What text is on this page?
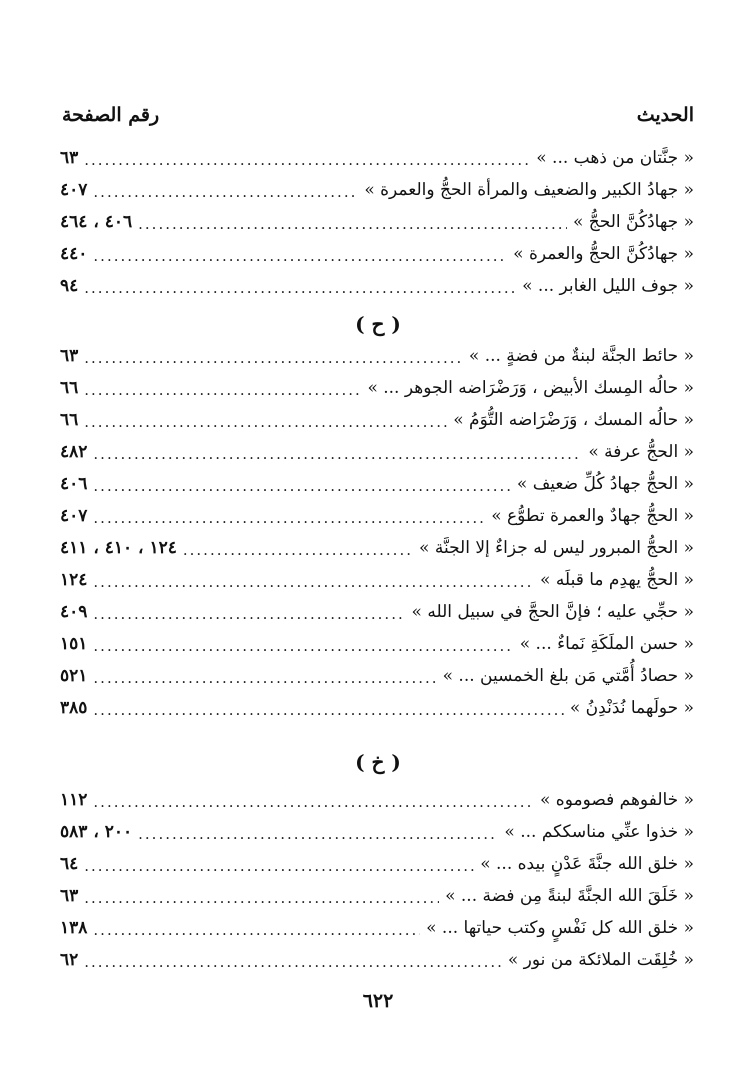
الحديث
رقم الصفحة
« جنَّتان من ذهب ... »
.....
٦٣
« جهادُ الكبير والضعيف والمرأة الحجُّ والعمرة »
.....
٤٠٧
« جهادُكُنَّ الحجُّ »
.....
٤٠٦ ، ٤٦٤
« جهادُكُنَّ الحجُّ والعمرة »
.....
٤٤٠
« جوف الليل الغابر ... »
.....
٩٤
( ح )
« حائط الجنَّة لبنةٌ من فضةٍ ... »
.....
٦٣
« حالُه المِسك الأبيض ، وَرَضْرَاضه الجوهر ... »
.....
٦٦
« حالُه المسك ، وَرَضْرَاضه التُّوَمُ »
.....
٦٦
« الحجُّ عرفة »
.....
٤٨٢
« الحجُّ جهادُ كُلِّ ضعيف »
.....
٤٠٦
« الحجُّ جهادٌ والعمرة تطوُّع »
.....
٤٠٧
« الحجُّ المبرور ليس له جزاءٌ إلا الجنَّة »
.....
١٢٤ ، ٤١٠ ، ٤١١
« الحجُّ يهدِم ما قبلَه »
.....
١٢٤
« حجِّي عليه ؛ فإنَّ الحجَّ في سبيل الله »
.....
٤٠٩
« حسن الملَكَةِ نَماءٌ ... »
.....
١٥١
« حصادُ أُمَّتي مَن بلغ الخمسين ... »
.....
٥٢١
« حولَهما نُدَنْدِنُ »
.....
٣٨٥
( خ )
« خالفوهم فصوموه »
.....
١١٢
« خذوا عنِّي مناسككم ... »
.....
٢٠٠ ، ٥٨٣
« خلق الله جنَّةَ عَدْنٍ بيده ... »
.....
٦٤
« خَلَقَ الله الجنَّةَ لبنةً مِن فضة ... »
.....
٦٣
« خلق الله كل نَفْسٍ وكتب حياتها ... »
.....
١٣٨
« خُلِقَت الملائكة من نور »
.....
٦٢
٦٢٢
